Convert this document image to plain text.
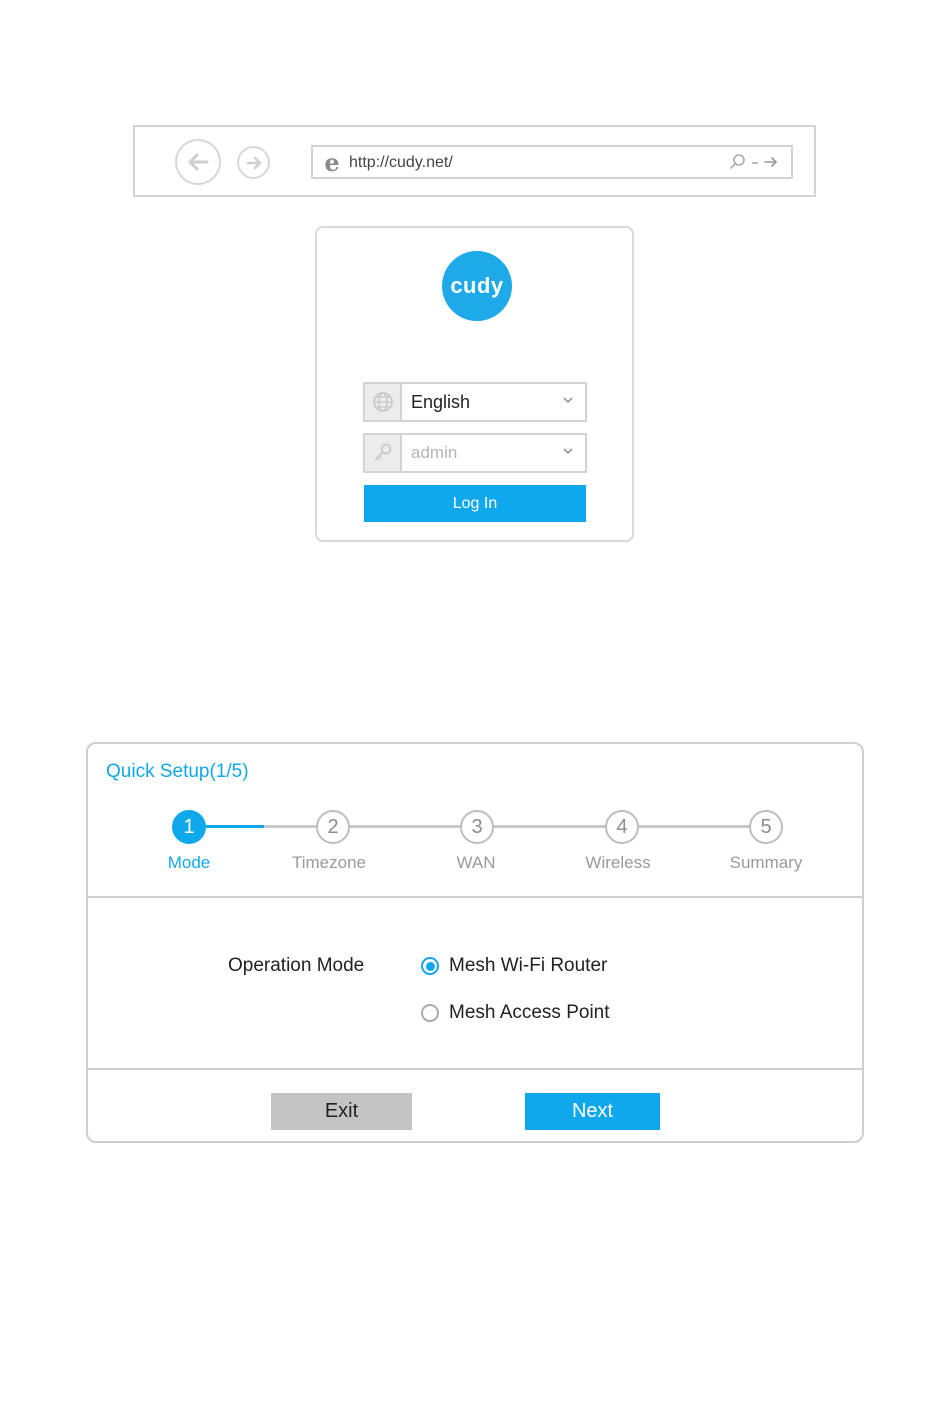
e http://cudy.net/
cudy
English
admin
Log In
Quick Setup(1/5)
1	2	3	4	5
Mode	Timezone	WAN	Wireless	Summary
Operation Mode	Mesh Wi-Fi Router
Mesh Access Point
Exit	Next
